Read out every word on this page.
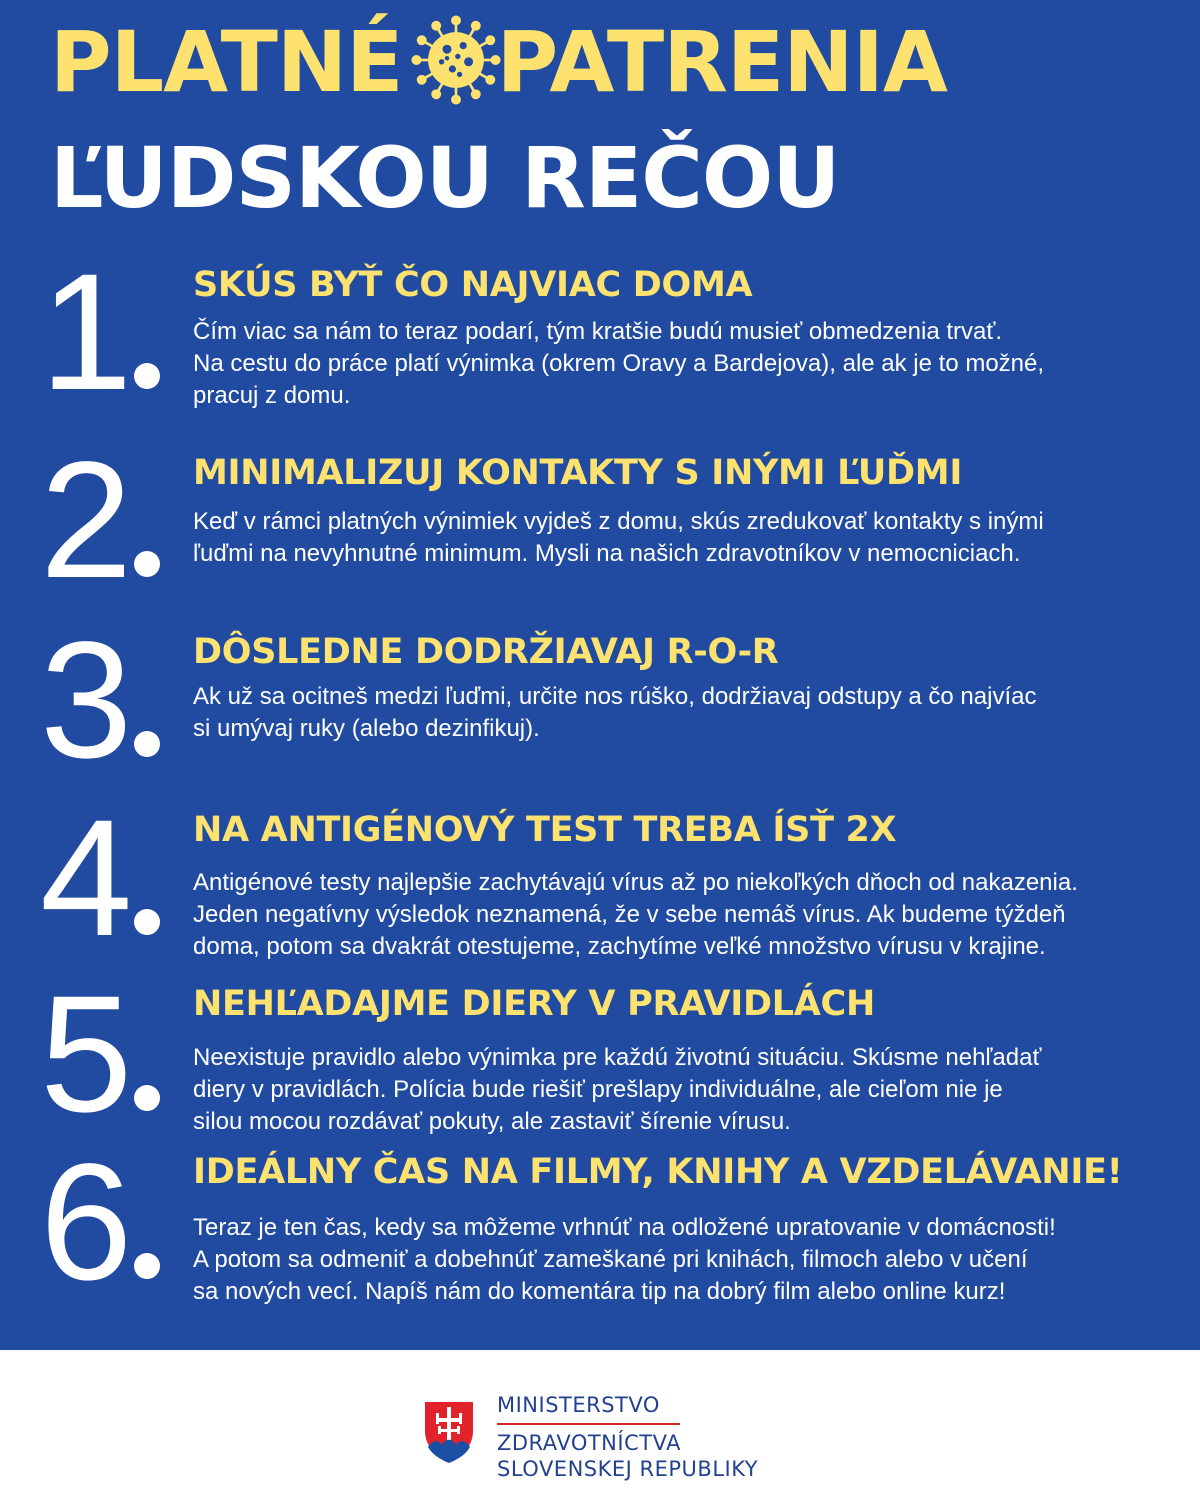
PLATNÉ PATRENIA
ĽUDSKOU REČOU
1	SKÚS BYŤ ČO NAJVIAC DOMA
Čím viac sa nám to teraz podarí, tým kratšie budú musieť obmedzenia trvať.
Na cestu do práce platí výnimka (okrem Oravy a Bardejova), ale ak je to možné,
pracuj z domu.
2	MINIMALIZUJ KONTAKTY S INÝMI ĽUĎMI
Keď v rámci platných výnimiek vyjdeš z domu, skús zredukovať kontakty s inými
ľuďmi na nevyhnutné minimum. Mysli na našich zdravotníkov v nemocniciach.
3	DÔSLEDNE DODRŽIAVAJ R-O-R
Ak už sa ocitneš medzi ľuďmi, určite nos rúško, dodržiavaj odstupy a čo najvíac
si umývaj ruky (alebo dezinfikuj).
4	NA ANTIGÉNOVÝ TEST TREBA ÍSŤ 2X
Antigénové testy najlepšie zachytávajú vírus až po niekoľkých dňoch od nakazenia.
Jeden negatívny výsledok neznamená, že v sebe nemáš vírus. Ak budeme týždeň
doma, potom sa dvakrát otestujeme, zachytíme veľké množstvo vírusu v krajine.
5	NEHĽADAJME DIERY V PRAVIDLÁCH
Neexistuje pravidlo alebo výnimka pre každú životnú situáciu. Skúsme nehľadať
diery v pravidlách. Polícia bude riešiť prešlapy individuálne, ale cieľom nie je
silou mocou rozdávať pokuty, ale zastaviť šírenie vírusu.
6	IDEÁLNY ČAS NA FILMY, KNIHY A VZDELÁVANIE!
Teraz je ten čas, kedy sa môžeme vrhnúť na odložené upratovanie v domácnosti!
A potom sa odmeniť a dobehnúť zameškané pri knihách, filmoch alebo v učení
sa nových vecí. Napíš nám do komentára tip na dobrý film alebo online kurz!
MINISTERSTVO
ZDRAVOTNÍCTVA
SLOVENSKEJ REPUBLIKY
